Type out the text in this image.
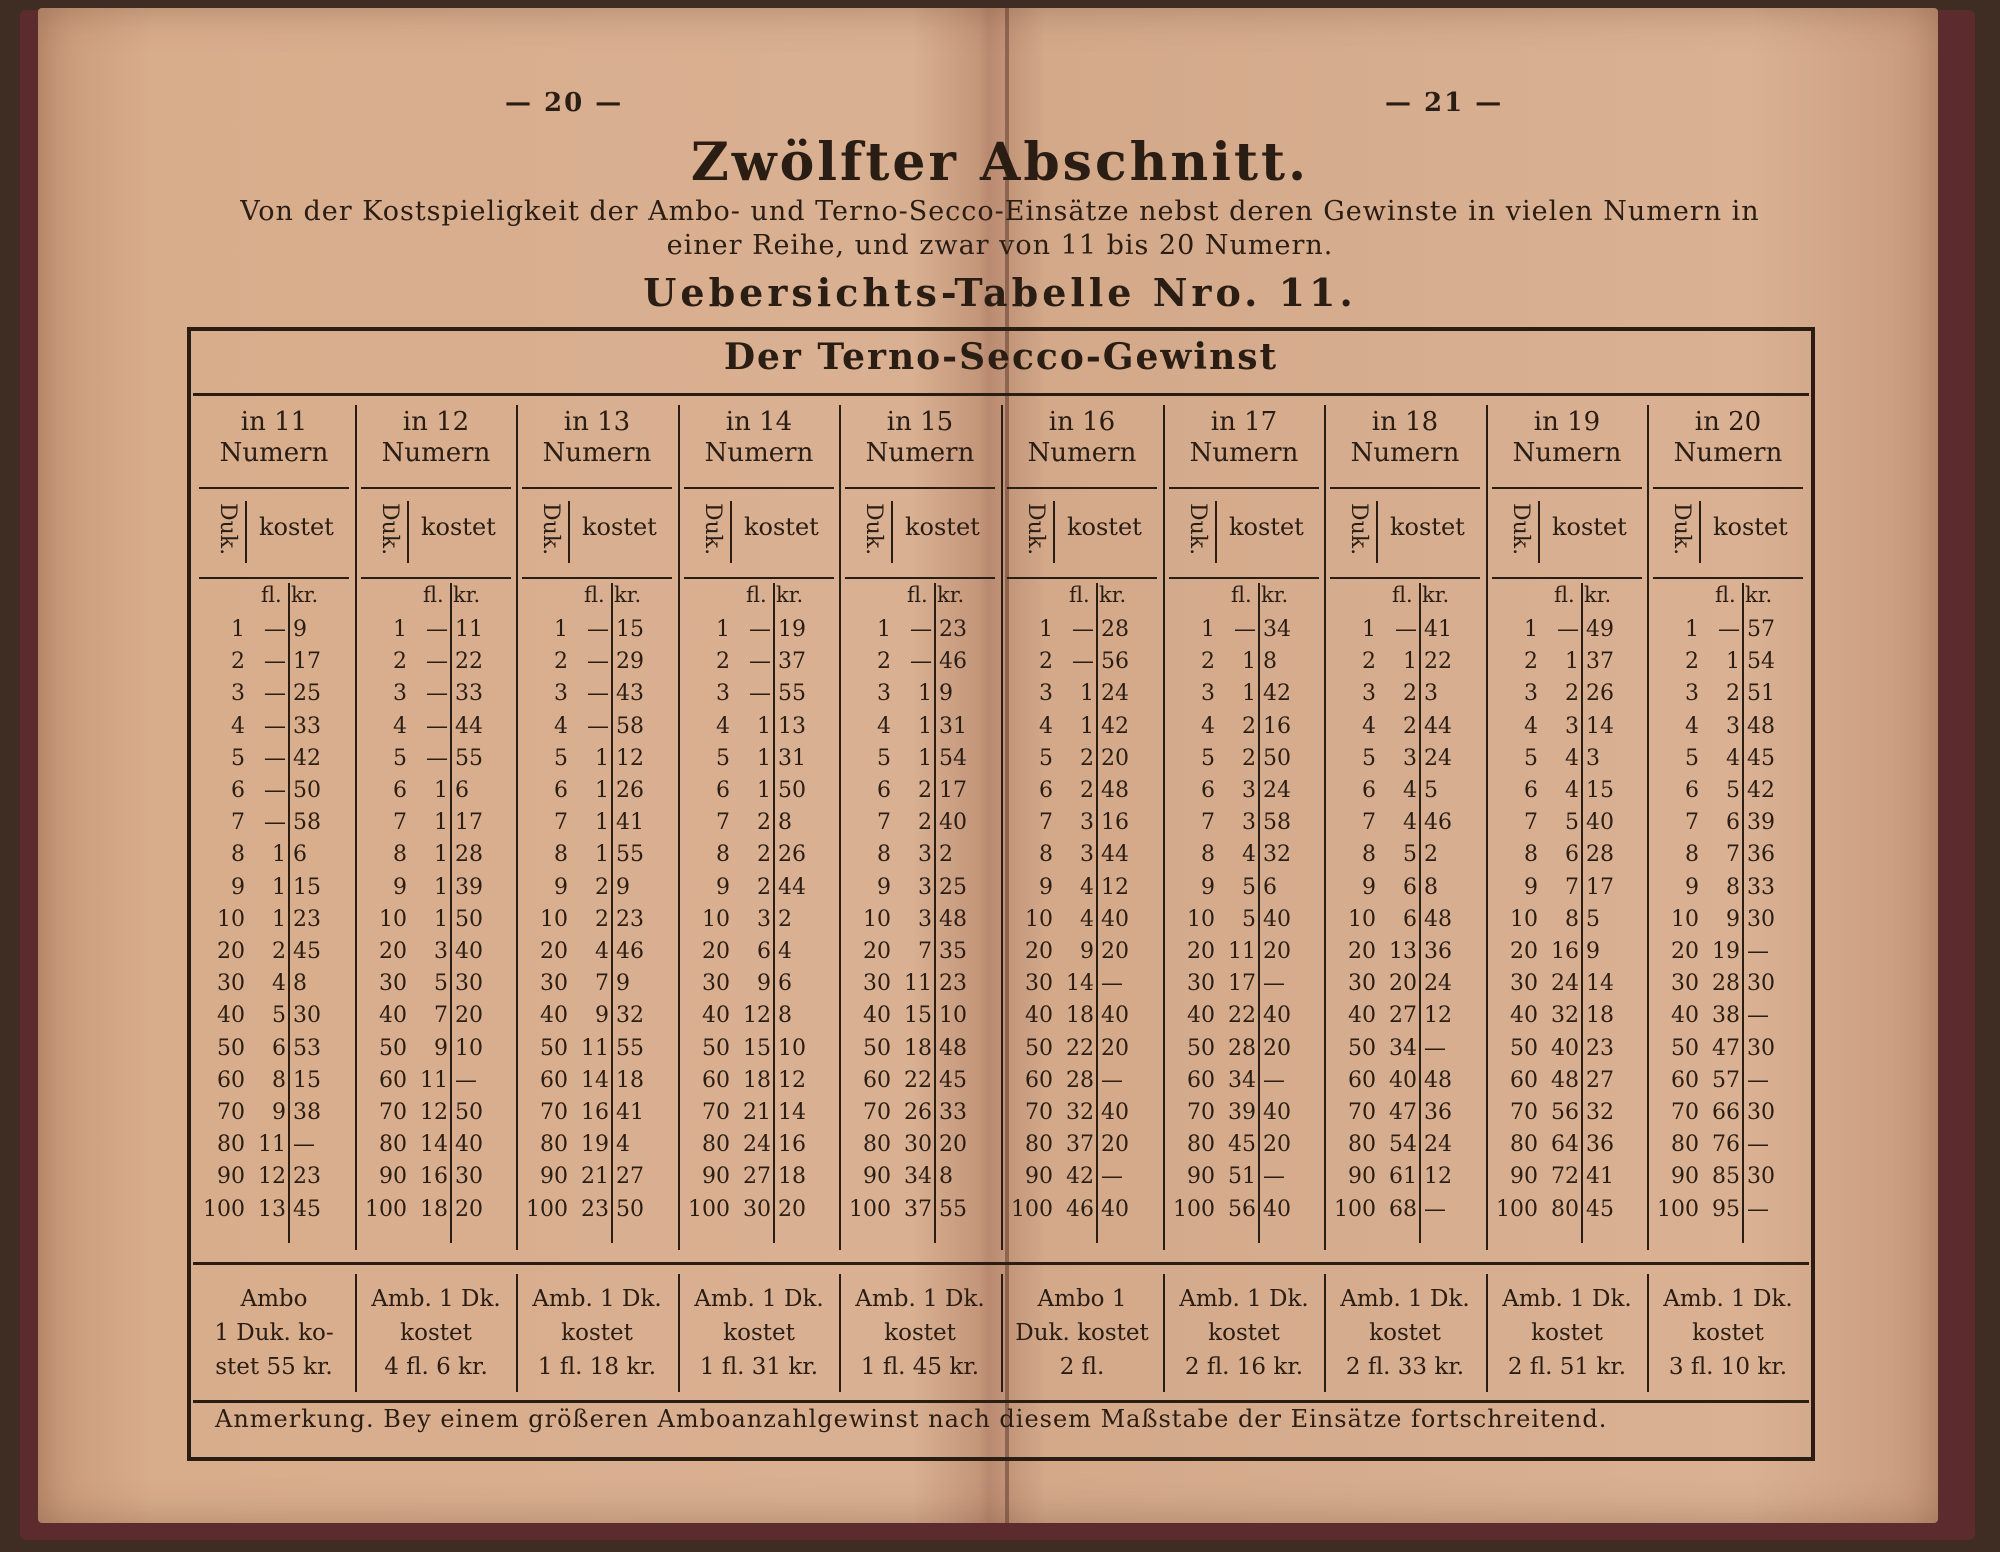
— 20 —	— 21 —
Zwölfter Abschnitt.
Von der Kostspieligkeit der Ambo- und Terno-Secco-Einsätze nebst deren Gewinste in vielen Numern in
einer Reihe, und zwar von 11 bis 20 Numern.
Uebersichts-Tabelle Nro. 11.
Der Terno-Secco-Gewinst
in 11
Numern
Duk. kostet
fl. kr.
1 — 9
2 — 17
3 — 25
4 — 33
5 — 42
6 — 50
7 — 58
8 1 6
9 1 15
10 1 23
20 2 45
30 4 8
40 5 30
50 6 53
60 8 15
70 9 38
80 11 —
90 12 23
100 13 45
in 12
Numern
Duk. kostet
fl. kr.
1 — 11
2 — 22
3 — 33
4 — 44
5 — 55
6 1 6
7 1 17
8 1 28
9 1 39
10 1 50
20 3 40
30 5 30
40 7 20
50 9 10
60 11 —
70 12 50
80 14 40
90 16 30
100 18 20
in 13
Numern
Duk. kostet
fl. kr.
1 — 15
2 — 29
3 — 43
4 — 58
5 1 12
6 1 26
7 1 41
8 1 55
9 2 9
10 2 23
20 4 46
30 7 9
40 9 32
50 11 55
60 14 18
70 16 41
80 19 4
90 21 27
100 23 50
in 14
Numern
Duk. kostet
fl. kr.
1 — 19
2 — 37
3 — 55
4 1 13
5 1 31
6 1 50
7 2 8
8 2 26
9 2 44
10 3 2
20 6 4
30 9 6
40 12 8
50 15 10
60 18 12
70 21 14
80 24 16
90 27 18
100 30 20
in 15
Numern
Duk. kostet
fl. kr.
1 — 23
2 — 46
3 1 9
4 1 31
5 1 54
6 2 17
7 2 40
8 3 2
9 3 25
10 3 48
20 7 35
30 11 23
40 15 10
50 18 48
60 22 45
70 26 33
80 30 20
90 34 8
100 37 55
in 16
Numern
Duk. kostet
fl. kr.
1 — 28
2 — 56
3 1 24
4 1 42
5 2 20
6 2 48
7 3 16
8 3 44
9 4 12
10 4 40
20 9 20
30 14 —
40 18 40
50 22 20
60 28 —
70 32 40
80 37 20
90 42 —
100 46 40
in 17
Numern
Duk. kostet
fl. kr.
1 — 34
2 1 8
3 1 42
4 2 16
5 2 50
6 3 24
7 3 58
8 4 32
9 5 6
10 5 40
20 11 20
30 17 —
40 22 40
50 28 20
60 34 —
70 39 40
80 45 20
90 51 —
100 56 40
in 18
Numern
Duk. kostet
fl. kr.
1 — 41
2 1 22
3 2 3
4 2 44
5 3 24
6 4 5
7 4 46
8 5 2
9 6 8
10 6 48
20 13 36
30 20 24
40 27 12
50 34 —
60 40 48
70 47 36
80 54 24
90 61 12
100 68 —
in 19
Numern
Duk. kostet
fl. kr.
1 — 49
2 1 37
3 2 26
4 3 14
5 4 3
6 4 15
7 5 40
8 6 28
9 7 17
10 8 5
20 16 9
30 24 14
40 32 18
50 40 23
60 48 27
70 56 32
80 64 36
90 72 41
100 80 45
in 20
Numern
Duk. kostet
fl. kr.
1 — 57
2 1 54
3 2 51
4 3 48
5 4 45
6 5 42
7 6 39
8 7 36
9 8 33
10 9 30
20 19 —
30 28 30
40 38 —
50 47 30
60 57 —
70 66 30
80 76 —
90 85 30
100 95 —
Ambo
1 Duk. ko-
stet 55 kr.
Amb. 1 Dk.
kostet
4 fl. 6 kr.
Amb. 1 Dk.
kostet
1 fl. 18 kr.
Amb. 1 Dk.
kostet
1 fl. 31 kr.
Amb. 1 Dk.
kostet
1 fl. 45 kr.
Ambo 1
Duk. kostet
2 fl.
Amb. 1 Dk.
kostet
2 fl. 16 kr.
Amb. 1 Dk.
kostet
2 fl. 33 kr.
Amb. 1 Dk.
kostet
2 fl. 51 kr.
Amb. 1 Dk.
kostet
3 fl. 10 kr.
Anmerkung. Bey einem größeren Amboanzahlgewinst nach diesem Maßstabe der Einsätze fortschreitend.
